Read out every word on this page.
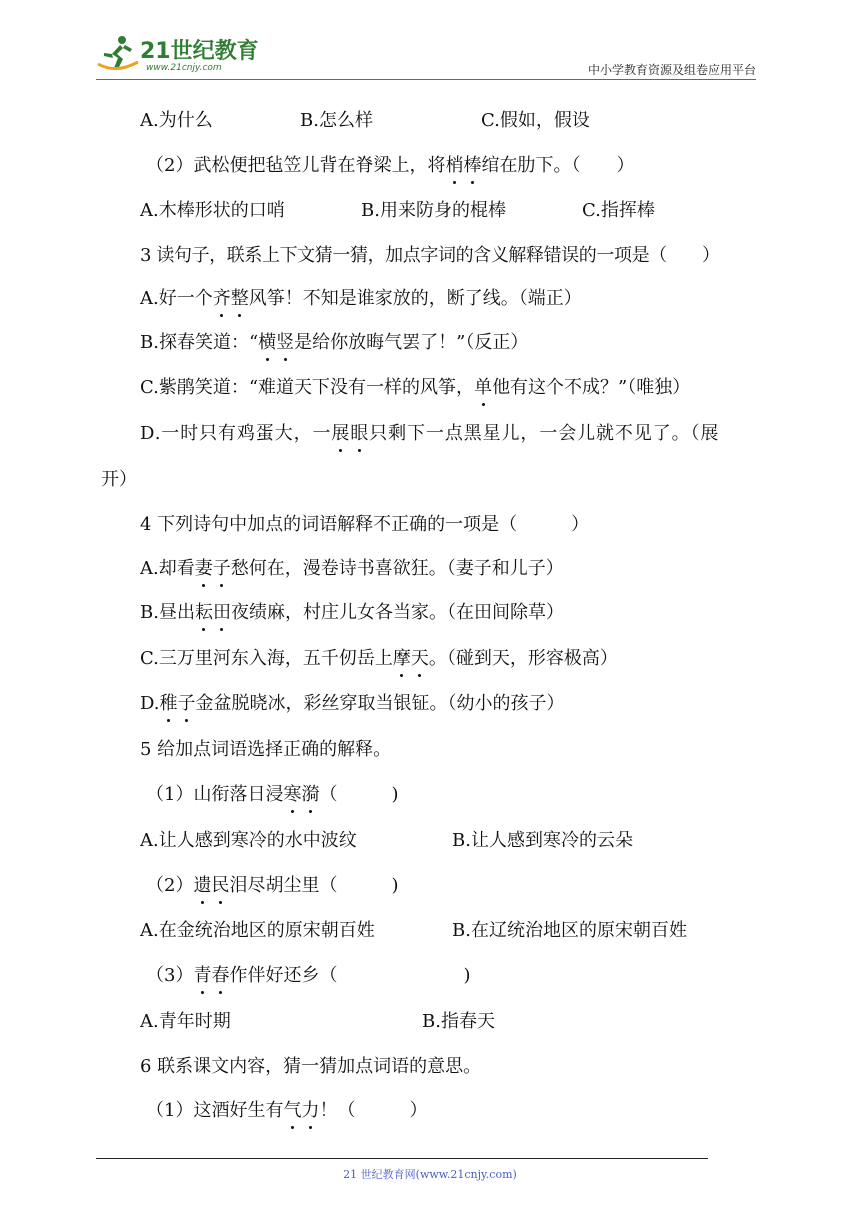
21世纪教育
www.21cnjy.com	中小学教育资源及组卷应用平台
A.为什么	B.怎么样	C.假如，假设
（2）武松便把毡笠儿背在脊梁上，将梢棒绾在肋下。（　　）
A.木棒形状的口哨	B.用来防身的棍棒	C.指挥棒
3 读句子，联系上下文猜一猜，加点字词的含义解释错误的一项是（　　）
A.好一个齐整风筝！不知是谁家放的，断了线。（端正）
B.探春笑道：“横竖是给你放晦气罢了！”（反正）
C.紫鹃笑道：“难道天下没有一样的风筝，单他有这个不成？”（唯独）
D.一时只有鸡蛋大，一展眼只剩下一点黑星儿，一会儿就不见了。（展
开）
4 下列诗句中加点的词语解释不正确的一项是（　　　）
A.却看妻子愁何在，漫卷诗书喜欲狂。（妻子和儿子）
B.昼出耘田夜绩麻，村庄儿女各当家。（在田间除草）
C.三万里河东入海，五千仞岳上摩天。（碰到天，形容极高）
D.稚子金盆脱晓冰，彩丝穿取当银钲。（幼小的孩子）
5 给加点词语选择正确的解释。
（1）山衔落日浸寒漪（　　　)
A.让人感到寒冷的水中波纹	B.让人感到寒冷的云朵
（2）遗民泪尽胡尘里（　　　)
A.在金统治地区的原宋朝百姓	B.在辽统治地区的原宋朝百姓
（3）青春作伴好还乡（　　　　　　　)
A.青年时期	B.指春天
6 联系课文内容，猜一猜加点词语的意思。
（1）这酒好生有气力！（　　　）
21 世纪教育网(www.21cnjy.com)
